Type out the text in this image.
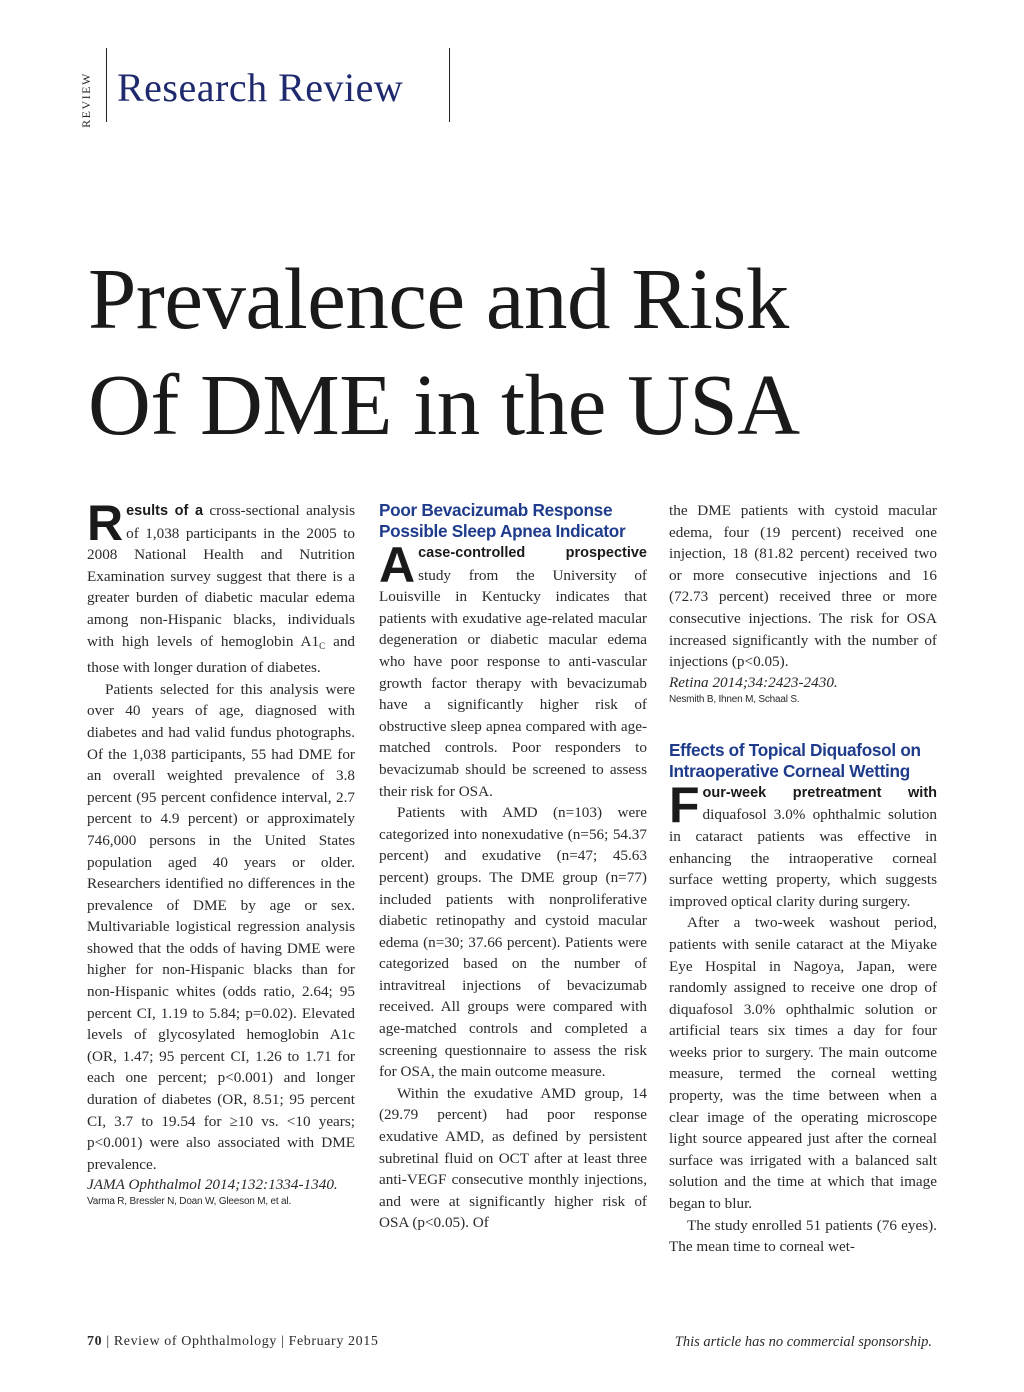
REVIEW Research Review
Prevalence and Risk
Of DME in the USA

Results of a cross-sectional analysis of 1,038 participants in the 2005 to 2008 National Health and Nutrition Examination survey suggest that there is a greater burden of diabetic macular edema among non-Hispanic blacks, individuals with high levels of hemoglobin $A1_C$ and those with longer duration of diabetes.

Patients selected for this analysis were over 40 years of age, diagnosed with diabetes and had valid fundus photographs. Of the 1,038 participants, 55 had DME for an overall weighted prevalence of 3.8 percent (95 percent confidence interval, 2.7 percent to 4.9 percent) or approximately 746,000 persons in the United States population aged 40 years or older. Researchers identified no differences in the prevalence of DME by age or sex. Multivariable logistical regression analysis showed that the odds of having DME were higher for non-Hispanic blacks than for non-Hispanic whites (odds ratio, 2.64; 95 percent CI, 1.19 to 5.84; p=0.02). Elevated levels of glycosylated hemoglobin A1c (OR, 1.47; 95 percent CI, 1.26 to 1.71 for each one percent; p<0.001) and longer duration of diabetes (OR, 8.51; 95 percent CI, 3.7 to 19.54 for ≥10 vs. <10 years; p<0.001) were also associated with DME prevalence.

JAMA Ophthalmol 2014;132:1334-1340.

Varma R, Bressler N, Doan W, Gleeson M, et al.

Poor Bevacizumab Response
Possible Sleep Apnea Indicator

A case-controlled prospective study from the University of Louisville in Kentucky indicates that patients with exudative age-related macular degeneration or diabetic macular edema who have poor response to anti-vascular growth factor therapy with bevacizumab have a significantly higher risk of obstructive sleep apnea compared with age-matched controls. Poor responders to bevacizumab should be screened to assess their risk for OSA.

Patients with AMD (n=103) were categorized into nonexudative (n=56; 54.37 percent) and exudative (n=47; 45.63 percent) groups. The DME group (n=77) included patients with nonproliferative diabetic retinopathy and cystoid macular edema (n=30; 37.66 percent). Patients were categorized based on the number of intravitreal injections of bevacizumab received. All groups were compared with age-matched controls and completed a screening questionnaire to assess the risk for OSA, the main outcome measure.

Within the exudative AMD group, 14 (29.79 percent) had poor response exudative AMD, as defined by persistent subretinal fluid on OCT after at least three anti-VEGF consecutive monthly injections, and were at significantly higher risk of OSA (p<0.05). Of

the DME patients with cystoid macular edema, four (19 percent) received one injection, 18 (81.82 percent) received two or more consecutive injections and 16 (72.73 percent) received three or more consecutive injections. The risk for OSA increased significantly with the number of injections (p<0.05).

Retina 2014;34:2423-2430.

Nesmith B, Ihnen M, Schaal S.

Effects of Topical Diquafosol on
Intraoperative Corneal Wetting

Four-week pretreatment with diquafosol 3.0% ophthalmic solution in cataract patients was effective in enhancing the intraoperative corneal surface wetting property, which suggests improved optical clarity during surgery.

After a two-week washout period, patients with senile cataract at the Miyake Eye Hospital in Nagoya, Japan, were randomly assigned to receive one drop of diquafosol 3.0% ophthalmic solution or artificial tears six times a day for four weeks prior to surgery. The main outcome measure, termed the corneal wetting property, was the time between when a clear image of the operating microscope light source appeared just after the corneal surface was irrigated with a balanced salt solution and the time at which that image began to blur.

The study enrolled 51 patients (76 eyes). The mean time to corneal wet-

70 | Review of Ophthalmology | February 2015	This article has no commercial sponsorship.
